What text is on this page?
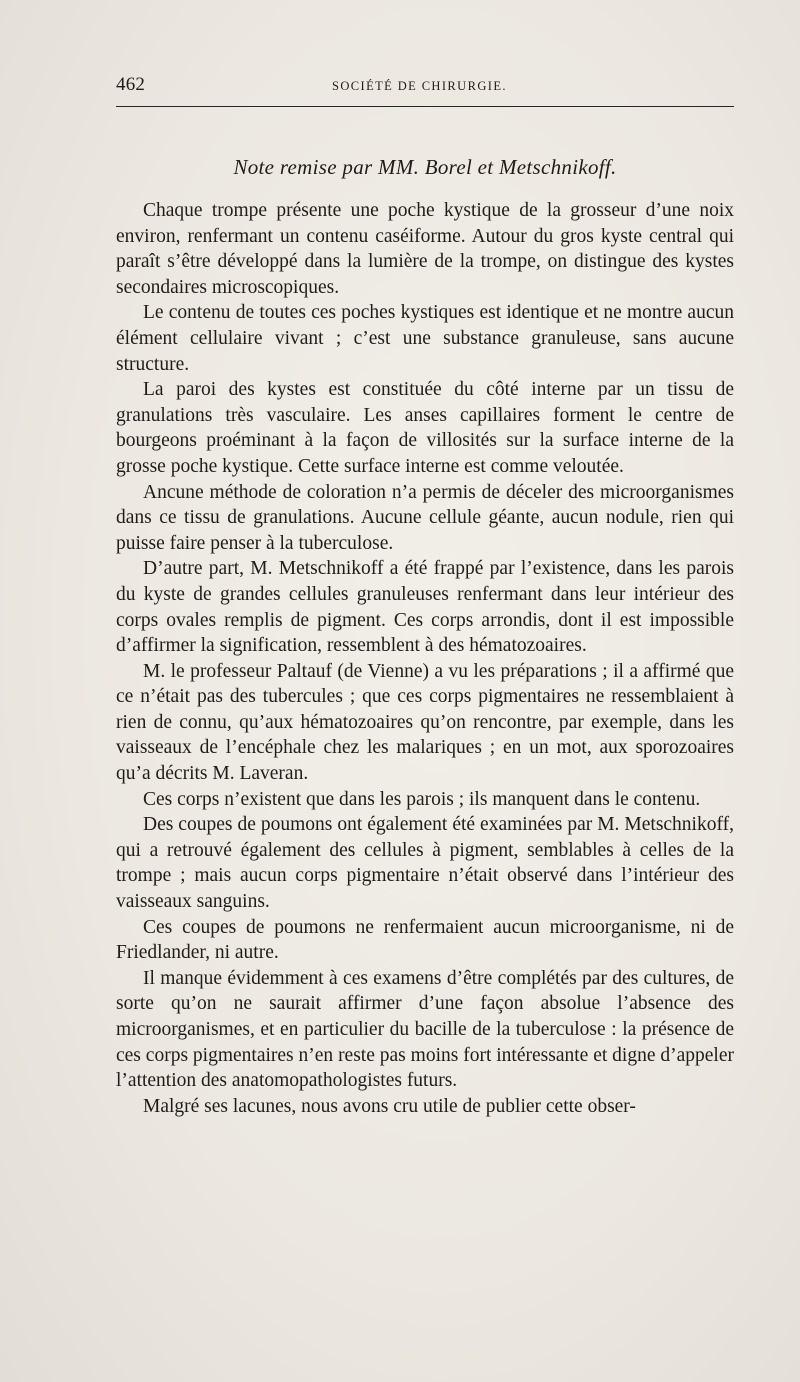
462	SOCIÉTÉ DE CHIRURGIE.
Note remise par MM. Borel et Metschnikoff.

Chaque trompe présente une poche kystique de la grosseur d’une noix environ, renfermant un contenu caséiforme. Autour du gros kyste central qui paraît s’être développé dans la lumière de la trompe, on distingue des kystes secondaires microscopiques.

Le contenu de toutes ces poches kystiques est identique et ne montre aucun élément cellulaire vivant ; c’est une substance granuleuse, sans aucune structure.

La paroi des kystes est constituée du côté interne par un tissu de granulations très vasculaire. Les anses capillaires forment le centre de bourgeons proéminant à la façon de villosités sur la surface interne de la grosse poche kystique. Cette surface interne est comme veloutée.

Ancune méthode de coloration n’a permis de déceler des microorganismes dans ce tissu de granulations. Aucune cellule géante, aucun nodule, rien qui puisse faire penser à la tuberculose.

D’autre part, M. Metschnikoff a été frappé par l’existence, dans les parois du kyste de grandes cellules granuleuses renfermant dans leur intérieur des corps ovales remplis de pigment. Ces corps arrondis, dont il est impossible d’affirmer la signification, ressemblent à des hématozoaires.

M. le professeur Paltauf (de Vienne) a vu les préparations ; il a affirmé que ce n’était pas des tubercules ; que ces corps pigmentaires ne ressemblaient à rien de connu, qu’aux hématozoaires qu’on rencontre, par exemple, dans les vaisseaux de l’encéphale chez les malariques ; en un mot, aux sporozoaires qu’a décrits M. Laveran.

Ces corps n’existent que dans les parois ; ils manquent dans le contenu.

Des coupes de poumons ont également été examinées par M. Metschnikoff, qui a retrouvé également des cellules à pigment, semblables à celles de la trompe ; mais aucun corps pigmentaire n’était observé dans l’intérieur des vaisseaux sanguins.

Ces coupes de poumons ne renfermaient aucun microorganisme, ni de Friedlander, ni autre.

Il manque évidemment à ces examens d’être complétés par des cultures, de sorte qu’on ne saurait affirmer d’une façon absolue l’absence des microorganismes, et en particulier du bacille de la tuberculose : la présence de ces corps pigmentaires n’en reste pas moins fort intéressante et digne d’appeler l’attention des anatomopathologistes futurs.

Malgré ses lacunes, nous avons cru utile de publier cette obser-
